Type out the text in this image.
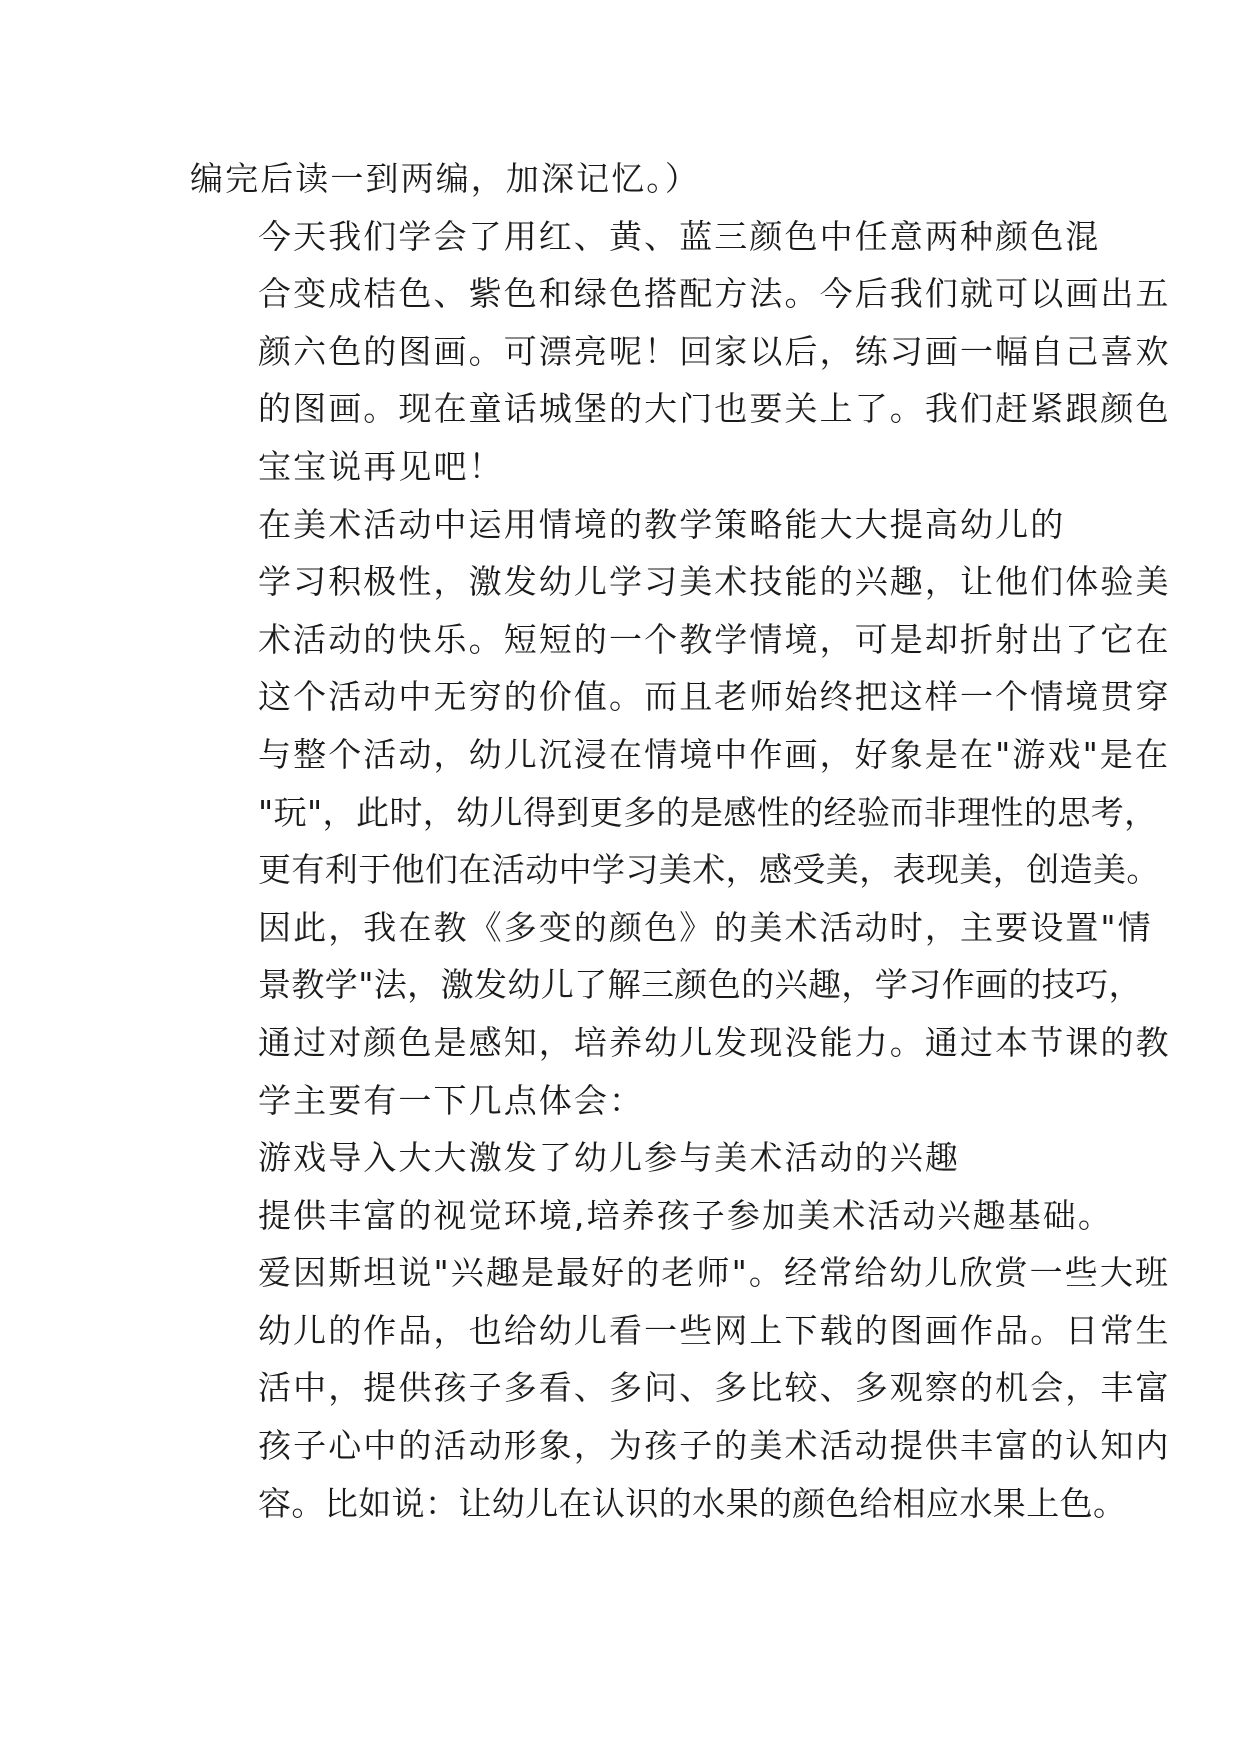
编完后读一到两编，加深记忆。）

今天我们学会了用红、黄、蓝三颜色中任意两种颜色混
合变成桔色、紫色和绿色搭配方法。今后我们就可以画出五
颜六色的图画。可漂亮呢！回家以后，练习画一幅自己喜欢
的图画。现在童话城堡的大门也要关上了。我们赶紧跟颜色
宝宝说再见吧！

在美术活动中运用情境的教学策略能大大提高幼儿的
学习积极性，激发幼儿学习美术技能的兴趣，让他们体验美
术活动的快乐。短短的一个教学情境，可是却折射出了它在
这个活动中无穷的价值。而且老师始终把这样一个情境贯穿
与整个活动，幼儿沉浸在情境中作画，好象是在"游戏"是在
"玩"，此时，幼儿得到更多的是感性的经验而非理性的思考，
更有利于他们在活动中学习美术，感受美，表现美，创造美。
因此，我在教《多变的颜色》的美术活动时，主要设置"情
景教学"法，激发幼儿了解三颜色的兴趣，学习作画的技巧，
通过对颜色是感知，培养幼儿发现没能力。通过本节课的教
学主要有一下几点体会：

游戏导入大大激发了幼儿参与美术活动的兴趣

提供丰富的视觉环境,培养孩子参加美术活动兴趣基础。
爱因斯坦说"兴趣是最好的老师"。经常给幼儿欣赏一些大班
幼儿的作品，也给幼儿看一些网上下载的图画作品。日常生
活中，提供孩子多看、多问、多比较、多观察的机会，丰富
孩子心中的活动形象，为孩子的美术活动提供丰富的认知内
容。比如说：让幼儿在认识的水果的颜色给相应水果上色。
